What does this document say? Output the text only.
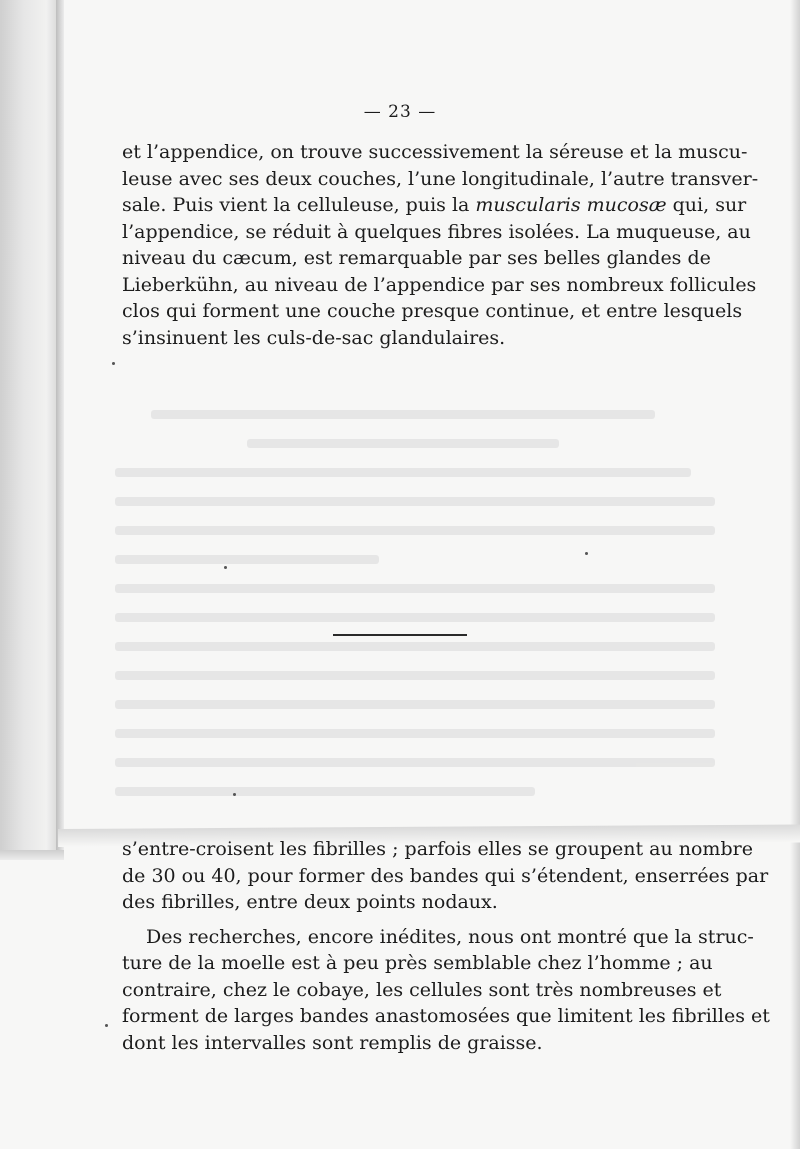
— 23 —

et l’appendice, on trouve successivement la séreuse et la muscu-
leuse avec ses deux couches, l’une longitudinale, l’autre transver-
sale. Puis vient la celluleuse, puis la muscularis mucosæ qui, sur
l’appendice, se réduit à quelques fibres isolées. La muqueuse, au
niveau du cæcum, est remarquable par ses belles glandes de
Lieberkühn, au niveau de l’appendice par ses nombreux follicules
clos qui forment une couche presque continue, et entre lesquels
s’insinuent les culs-de-sac glandulaires.

s’entre-croisent les fibrilles ; parfois elles se groupent au nombre
de 30 ou 40, pour former des bandes qui s’étendent, enserrées par
des fibrilles, entre deux points nodaux.

Des recherches, encore inédites, nous ont montré que la struc-
ture de la moelle est à peu près semblable chez l’homme ; au
contraire, chez le cobaye, les cellules sont très nombreuses et
forment de larges bandes anastomosées que limitent les fibrilles et
dont les intervalles sont remplis de graisse.
